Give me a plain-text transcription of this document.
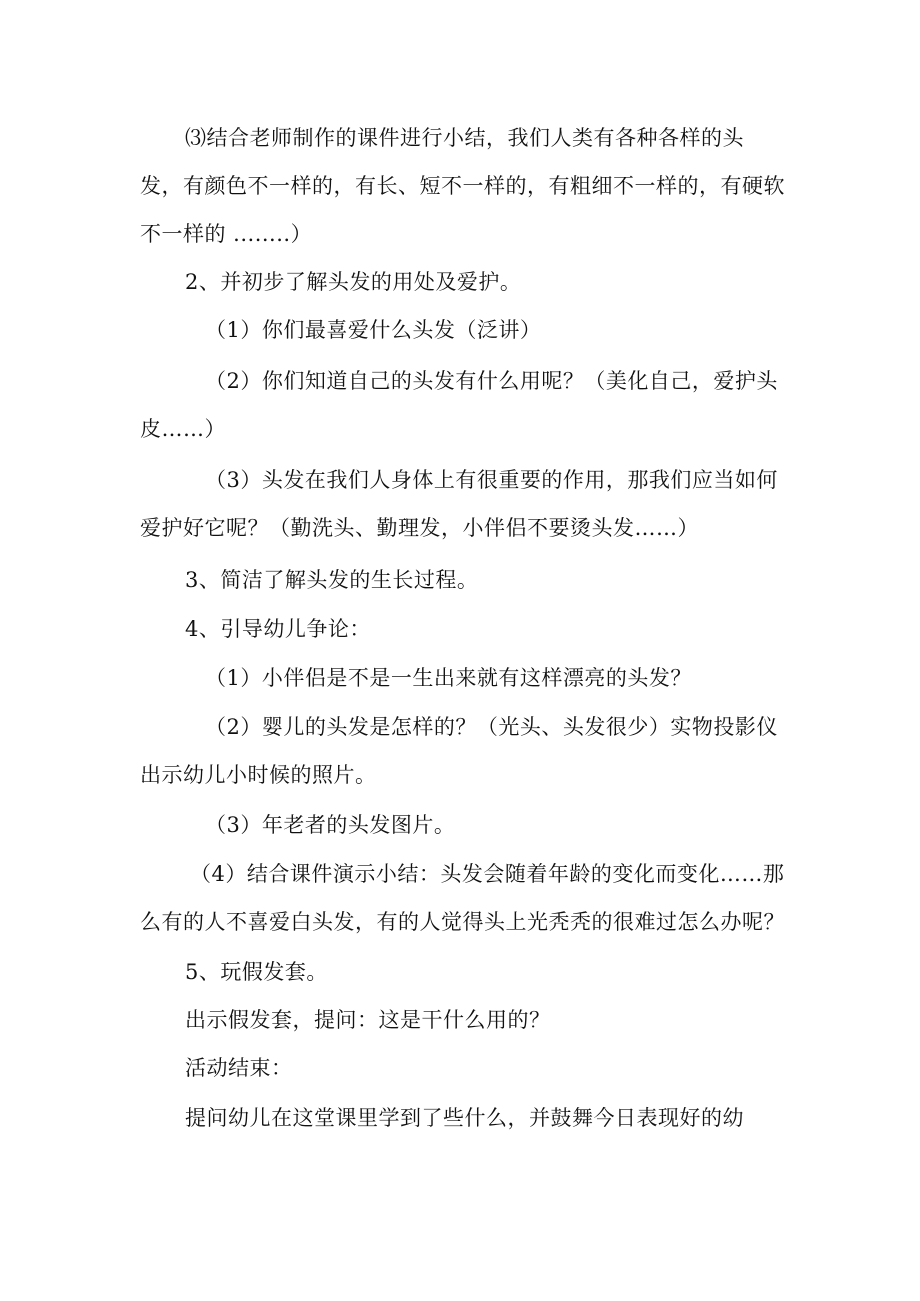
⑶结合老师制作的课件进行小结，我们人类有各种各样的头
发，有颜色不一样的，有长、短不一样的，有粗细不一样的，有硬软
不一样的 ........）

2、并初步了解头发的用处及爱护。

（1）你们最喜爱什么头发（泛讲）

（2）你们知道自己的头发有什么用呢？（美化自己，爱护头
皮……）

（3）头发在我们人身体上有很重要的作用，那我们应当如何
爱护好它呢？（勤洗头、勤理发，小伴侣不要烫头发……）

3、简洁了解头发的生长过程。

4、引导幼儿争论：

（1）小伴侣是不是一生出来就有这样漂亮的头发？

（2）婴儿的头发是怎样的？（光头、头发很少）实物投影仪
出示幼儿小时候的照片。

（3）年老者的头发图片。

（4）结合课件演示小结：头发会随着年龄的变化而变化……那
么有的人不喜爱白头发，有的人觉得头上光秃秃的很难过怎么办呢？

5、玩假发套。

出示假发套，提问：这是干什么用的？

活动结束：

提问幼儿在这堂课里学到了些什么，并鼓舞今日表现好的幼
